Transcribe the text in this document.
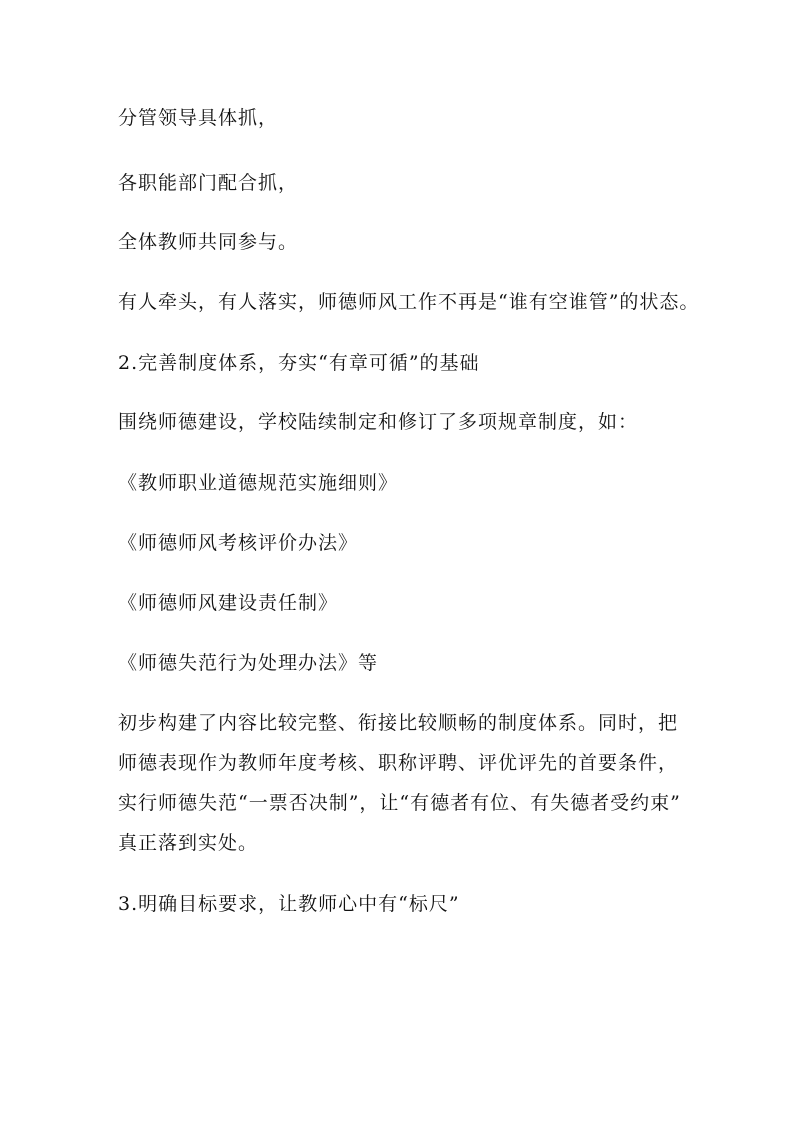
分管领导具体抓，
各职能部门配合抓，
全体教师共同参与。
有人牵头，有人落实，师德师风工作不再是“谁有空谁管”的状态。
2.完善制度体系，夯实“有章可循”的基础
围绕师德建设，学校陆续制定和修订了多项规章制度，如：
《教师职业道德规范实施细则》
《师德师风考核评价办法》
《师德师风建设责任制》
《师德失范行为处理办法》等
初步构建了内容比较完整、衔接比较顺畅的制度体系。同时，把
师德表现作为教师年度考核、职称评聘、评优评先的首要条件，
实行师德失范“一票否决制”，让“有德者有位、有失德者受约束”
真正落到实处。
3.明确目标要求，让教师心中有“标尺”
